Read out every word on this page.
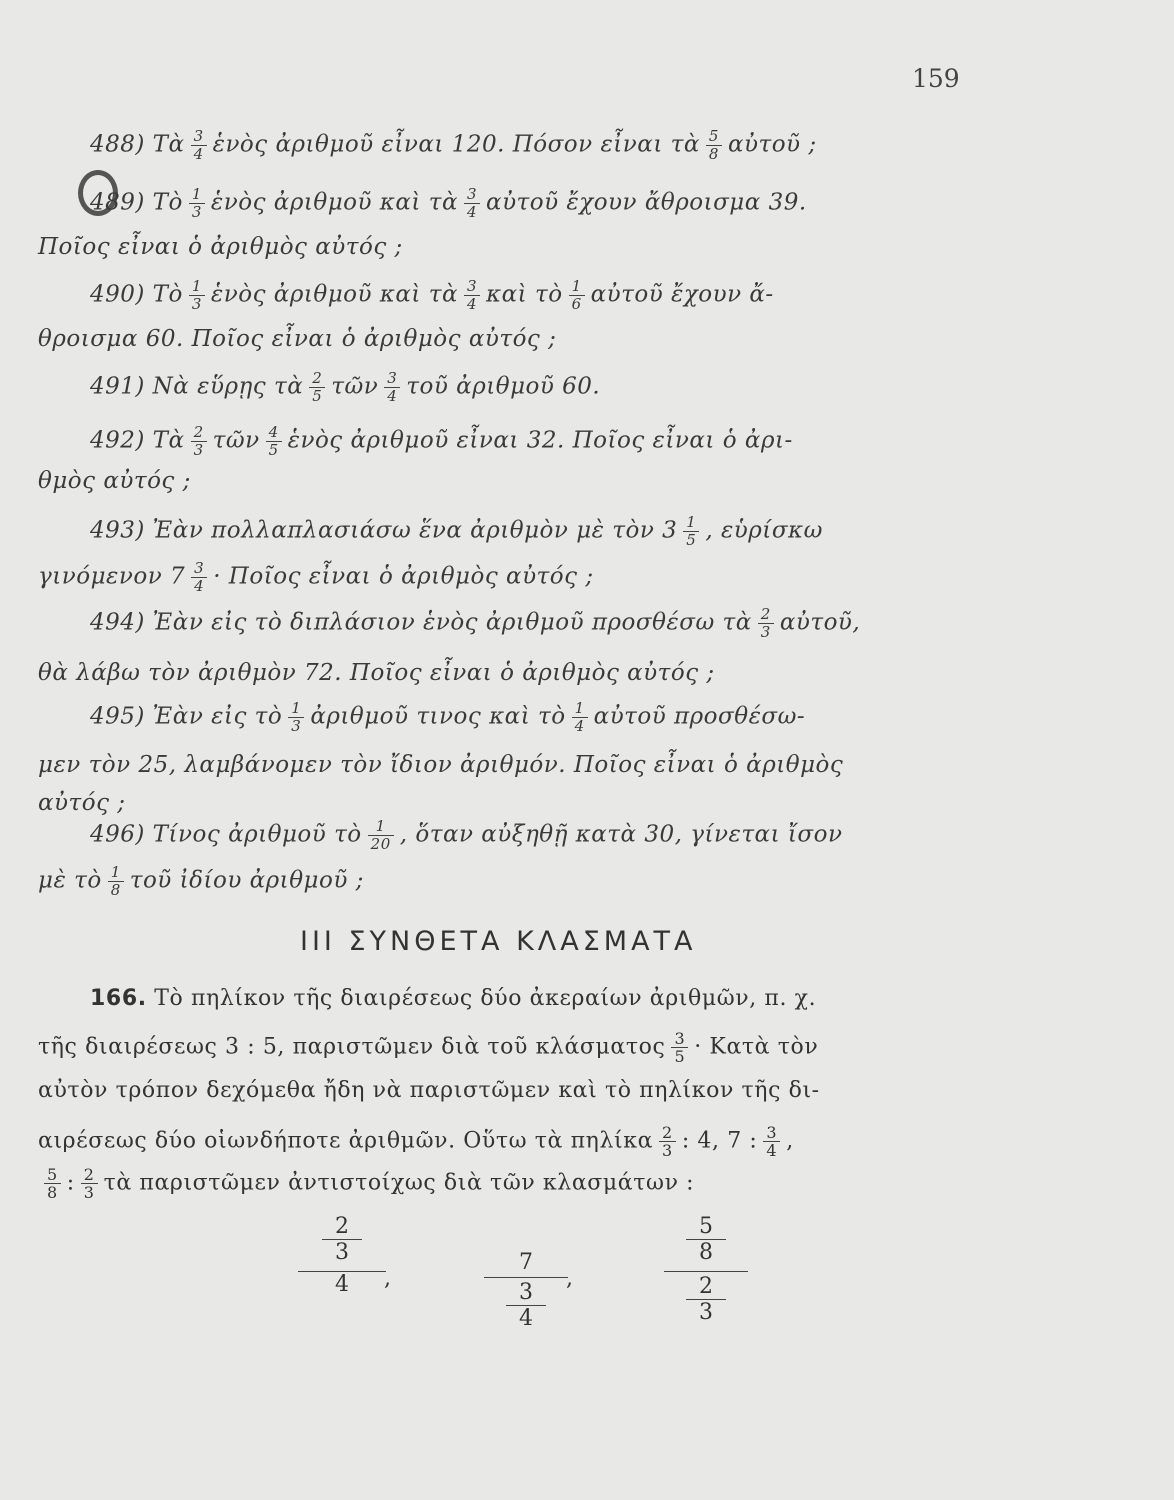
159
488) Τὰ $\frac{3}{4}$ ἑνὸς ἀριθμοῦ εἶναι 120. Πόσον εἶναι τὰ $\frac{5}{8}$ αὐτοῦ ;
489) Τὸ $\frac{1}{3}$ ἑνὸς ἀριθμοῦ καὶ τὰ $\frac{3}{4}$ αὐτοῦ ἔχουν ἄθροισμα 39.
Ποῖος εἶναι ὁ ἀριθμὸς αὐτός ;
490) Τὸ $\frac{1}{3}$ ἑνὸς ἀριθμοῦ καὶ τὰ $\frac{3}{4}$ καὶ τὸ $\frac{1}{6}$ αὐτοῦ ἔχουν ἄ-
θροισμα 60. Ποῖος εἶναι ὁ ἀριθμὸς αὐτός ;
491) Νὰ εὕρῃς τὰ $\frac{2}{5}$ τῶν $\frac{3}{4}$ τοῦ ἀριθμοῦ 60.
492) Τὰ $\frac{2}{3}$ τῶν $\frac{4}{5}$ ἑνὸς ἀριθμοῦ εἶναι 32. Ποῖος εἶναι ὁ ἀρι-
θμὸς αὐτός ;
493) Ἐὰν πολλαπλασιάσω ἕνα ἀριθμὸν μὲ τὸν $3 \frac{1}{5}$ , εὑρίσκω
γινόμενον $7 \frac{3}{4}$ · Ποῖος εἶναι ὁ ἀριθμὸς αὐτός ;
494) Ἐὰν εἰς τὸ διπλάσιον ἑνὸς ἀριθμοῦ προσθέσω τὰ $\frac{2}{3}$ αὐτοῦ,
θὰ λάβω τὸν ἀριθμὸν 72. Ποῖος εἶναι ὁ ἀριθμὸς αὐτός ;
495) Ἐὰν εἰς τὸ $\frac{1}{3}$ ἀριθμοῦ τινος καὶ τὸ $\frac{1}{4}$ αὐτοῦ προσθέσω-
μεν τὸν 25, λαμβάνομεν τὸν ἴδιον ἀριθμόν. Ποῖος εἶναι ὁ ἀριθμὸς
αὐτός ;
496) Τίνος ἀριθμοῦ τὸ $\frac{1}{20}$ , ὅταν αὐξηθῇ κατὰ 30, γίνεται ἴσον
μὲ τὸ $\frac{1}{8}$ τοῦ ἰδίου ἀριθμοῦ ;
III ΣΥΝΘΕΤΑ ΚΛΑΣΜΑΤΑ
166. Τὸ πηλίκον τῆς διαιρέσεως δύο ἀκεραίων ἀριθμῶν, π. χ.
τῆς διαιρέσεως 3 : 5, παριστῶμεν διὰ τοῦ κλάσματος $\frac{3}{5}$ · Κατὰ τὸν
αὐτὸν τρόπον δεχόμεθα ἤδη νὰ παριστῶμεν καὶ τὸ πηλίκον τῆς δι-
αιρέσεως δύο οἱωνδήποτε ἀριθμῶν. Οὕτω τὰ πηλίκα $\frac{2}{3}$ : 4, 7 : $\frac{3}{4}$ ,
$\frac{5}{8}$ : $\frac{2}{3}$ τὰ παριστῶμεν ἀντιστοίχως διὰ τῶν κλασμάτων :
2
3
4	,
7
3
4
,
5
8
2
3
